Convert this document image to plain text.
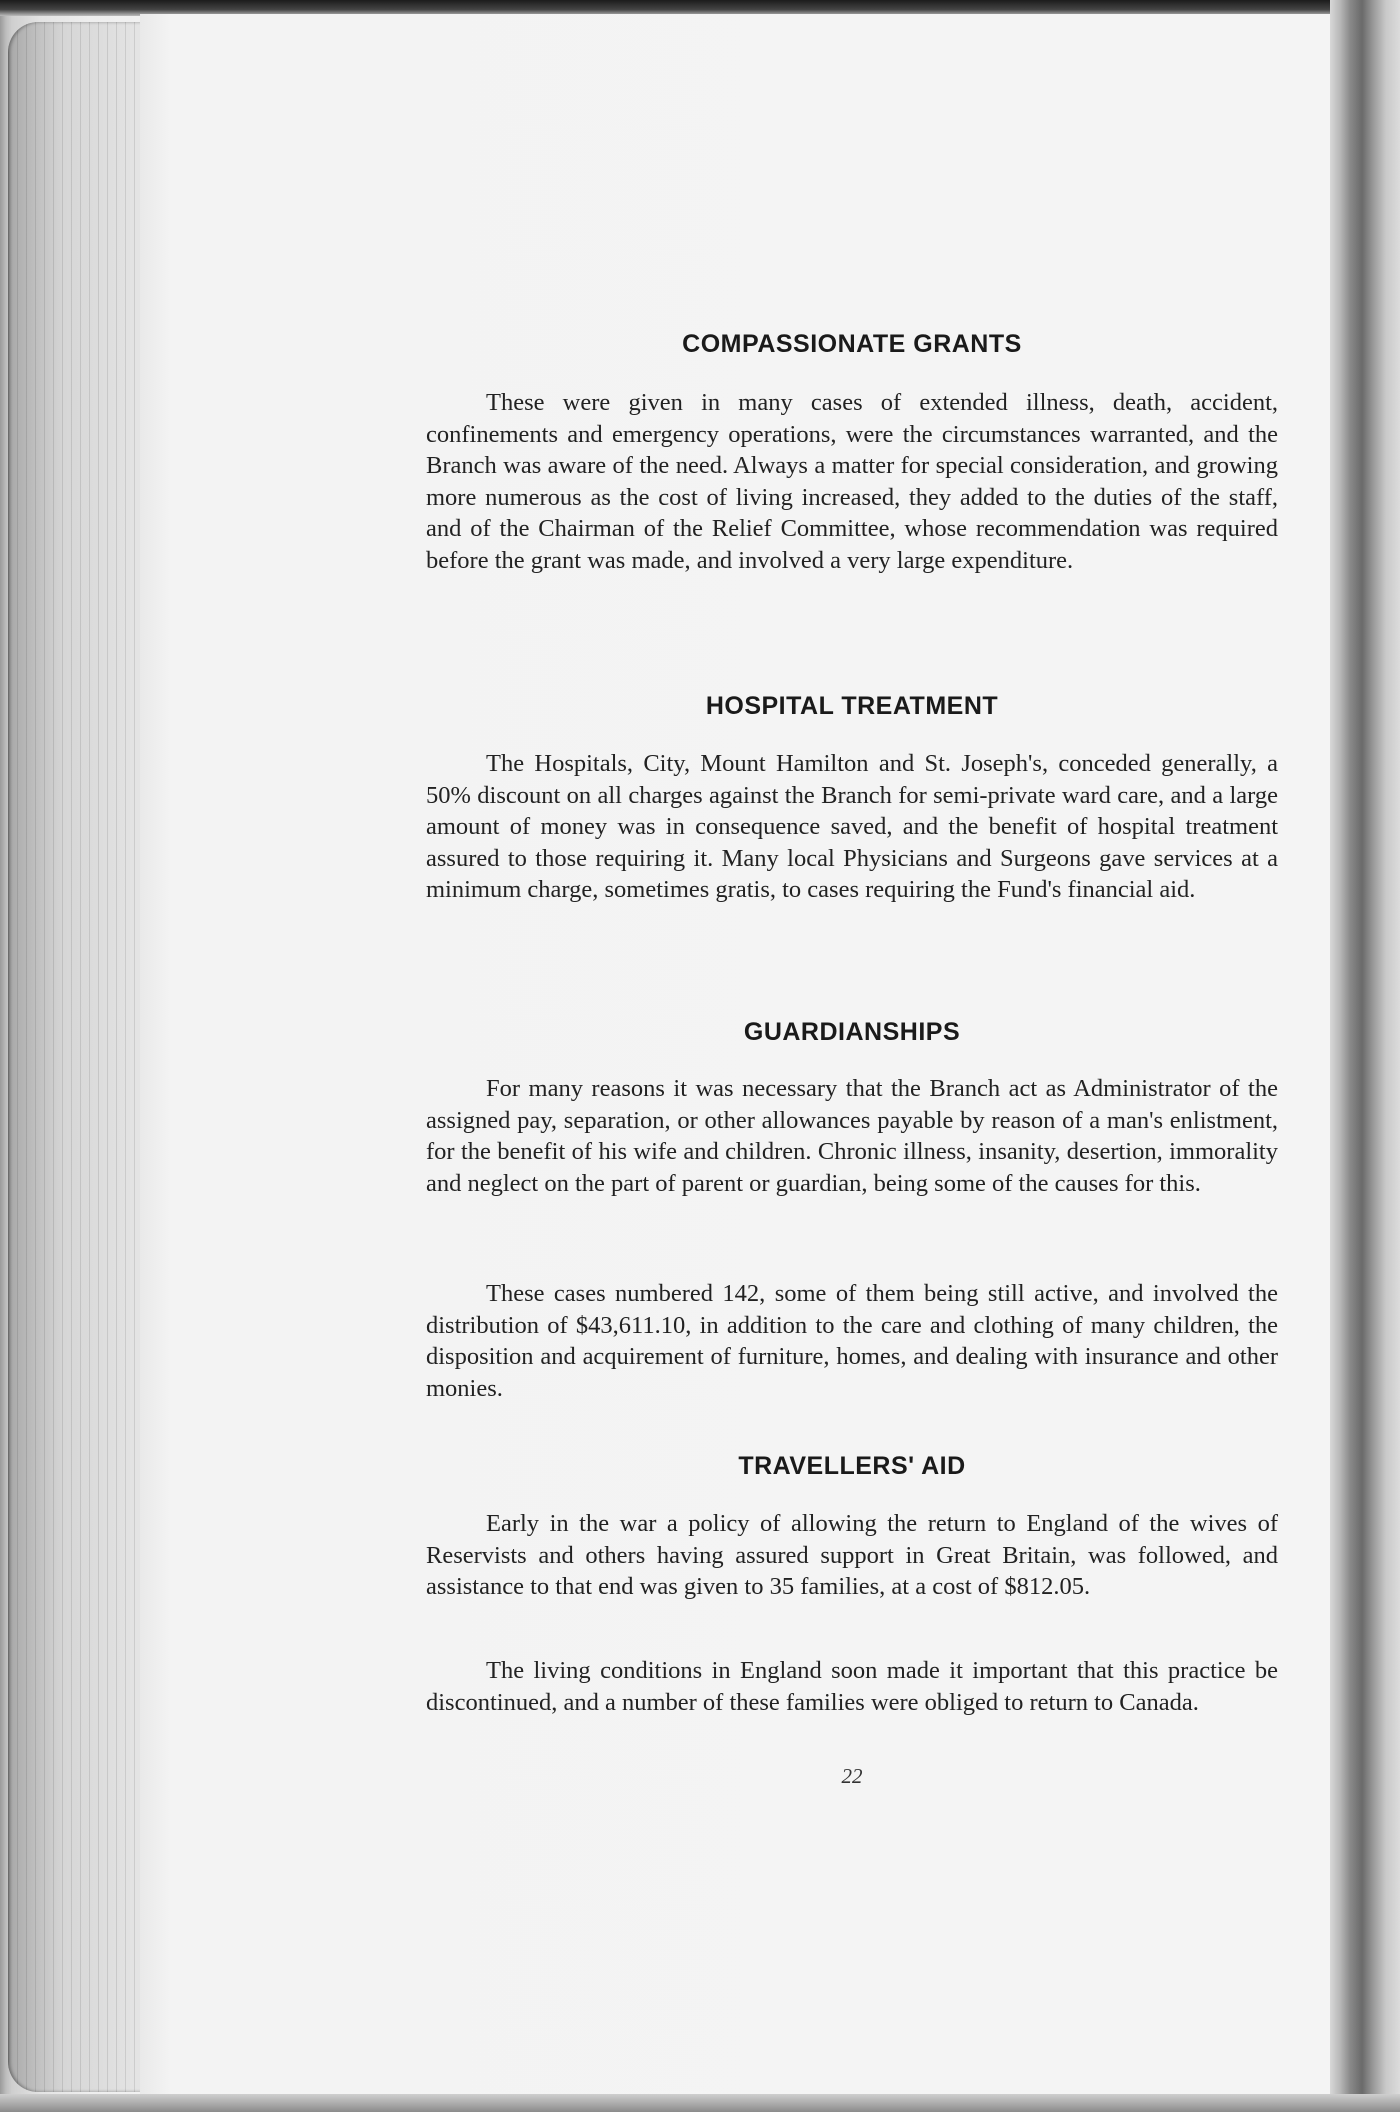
COMPASSIONATE GRANTS

These were given in many cases of extended illness, death, accident, confinements and emergency operations, were the circumstances warranted, and the Branch was aware of the need. Always a matter for special consideration, and growing more numerous as the cost of living increased, they added to the duties of the staff, and of the Chairman of the Relief Committee, whose recommendation was required before the grant was made, and involved a very large expenditure.

HOSPITAL TREATMENT

The Hospitals, City, Mount Hamilton and St. Joseph's, conceded generally, a 50% discount on all charges against the Branch for semi-private ward care, and a large amount of money was in consequence saved, and the benefit of hospital treatment assured to those requiring it. Many local Physicians and Surgeons gave services at a minimum charge, sometimes gratis, to cases requiring the Fund's financial aid.

GUARDIANSHIPS

For many reasons it was necessary that the Branch act as Administrator of the assigned pay, separation, or other allowances payable by reason of a man's enlistment, for the benefit of his wife and children. Chronic illness, insanity, desertion, immorality and neglect on the part of parent or guardian, being some of the causes for this.

These cases numbered 142, some of them being still active, and involved the distribution of $43,611.10, in addition to the care and clothing of many children, the disposition and acquirement of furniture, homes, and dealing with insurance and other monies.

TRAVELLERS' AID

Early in the war a policy of allowing the return to England of the wives of Reservists and others having assured support in Great Britain, was followed, and assistance to that end was given to 35 families, at a cost of $812.05.

The living conditions in England soon made it important that this practice be discontinued, and a number of these families were obliged to return to Canada.

22
